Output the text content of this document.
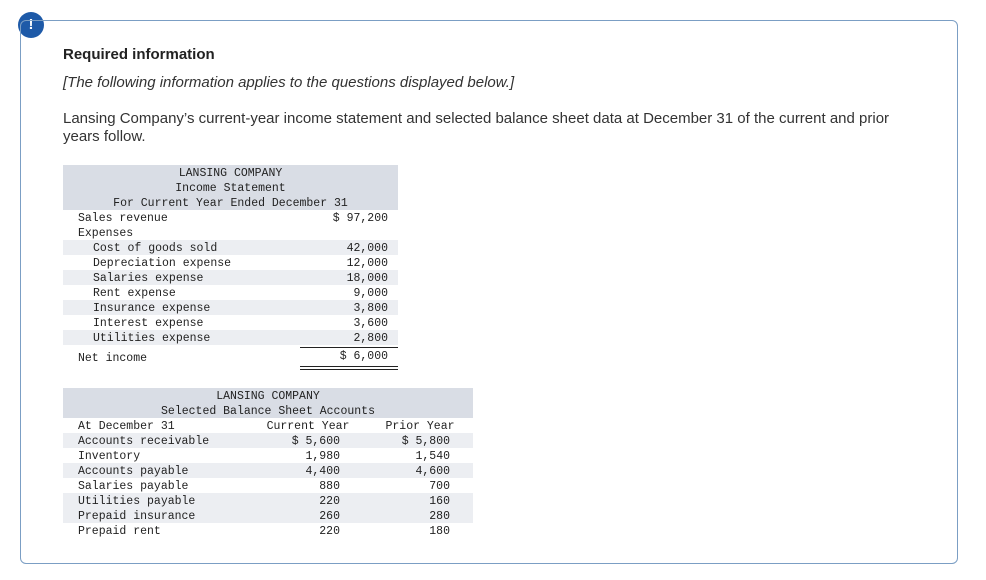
!
Required information
[The following information applies to the questions displayed below.]
Lansing Company’s current-year income statement and selected balance sheet data at December 31 of the current and prior years follow.
LANSING COMPANY
Income Statement
For Current Year Ended December 31
Sales revenue	$ 97,200
Expenses
Cost of goods sold	42,000
Depreciation expense	12,000
Salaries expense	18,000
Rent expense	9,000
Insurance expense	3,800
Interest expense	3,600
Utilities expense	2,800
Net income	$ 6,000
LANSING COMPANY
Selected Balance Sheet Accounts
At December 31	Current Year	Prior Year
Accounts receivable	$ 5,600	$ 5,800
Inventory	1,980	1,540
Accounts payable	4,400	4,600
Salaries payable	880	700
Utilities payable	220	160
Prepaid insurance	260	280
Prepaid rent	220	180
